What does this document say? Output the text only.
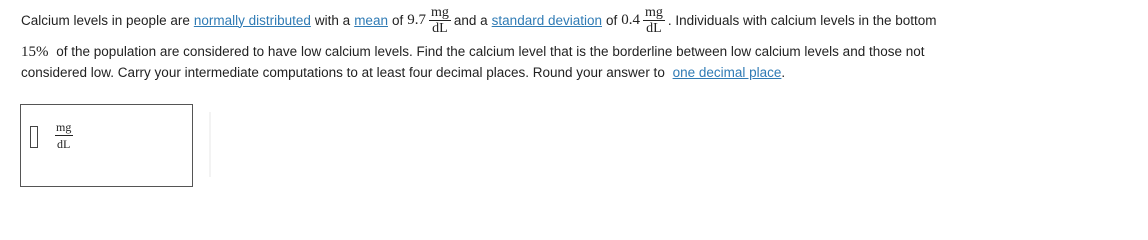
Calcium levels in people are normally distributed with a mean of $9.7 \frac{mg}{dL}$ and a standard deviation of $0.4 \frac{mg}{dL}$ . Individuals with calcium levels in the bottom
15% of the population are considered to have low calcium levels. Find the calcium level that is the borderline between low calcium levels and those not
considered low. Carry your intermediate computations to at least four decimal places. Round your answer to one decimal place.
mg
dL
